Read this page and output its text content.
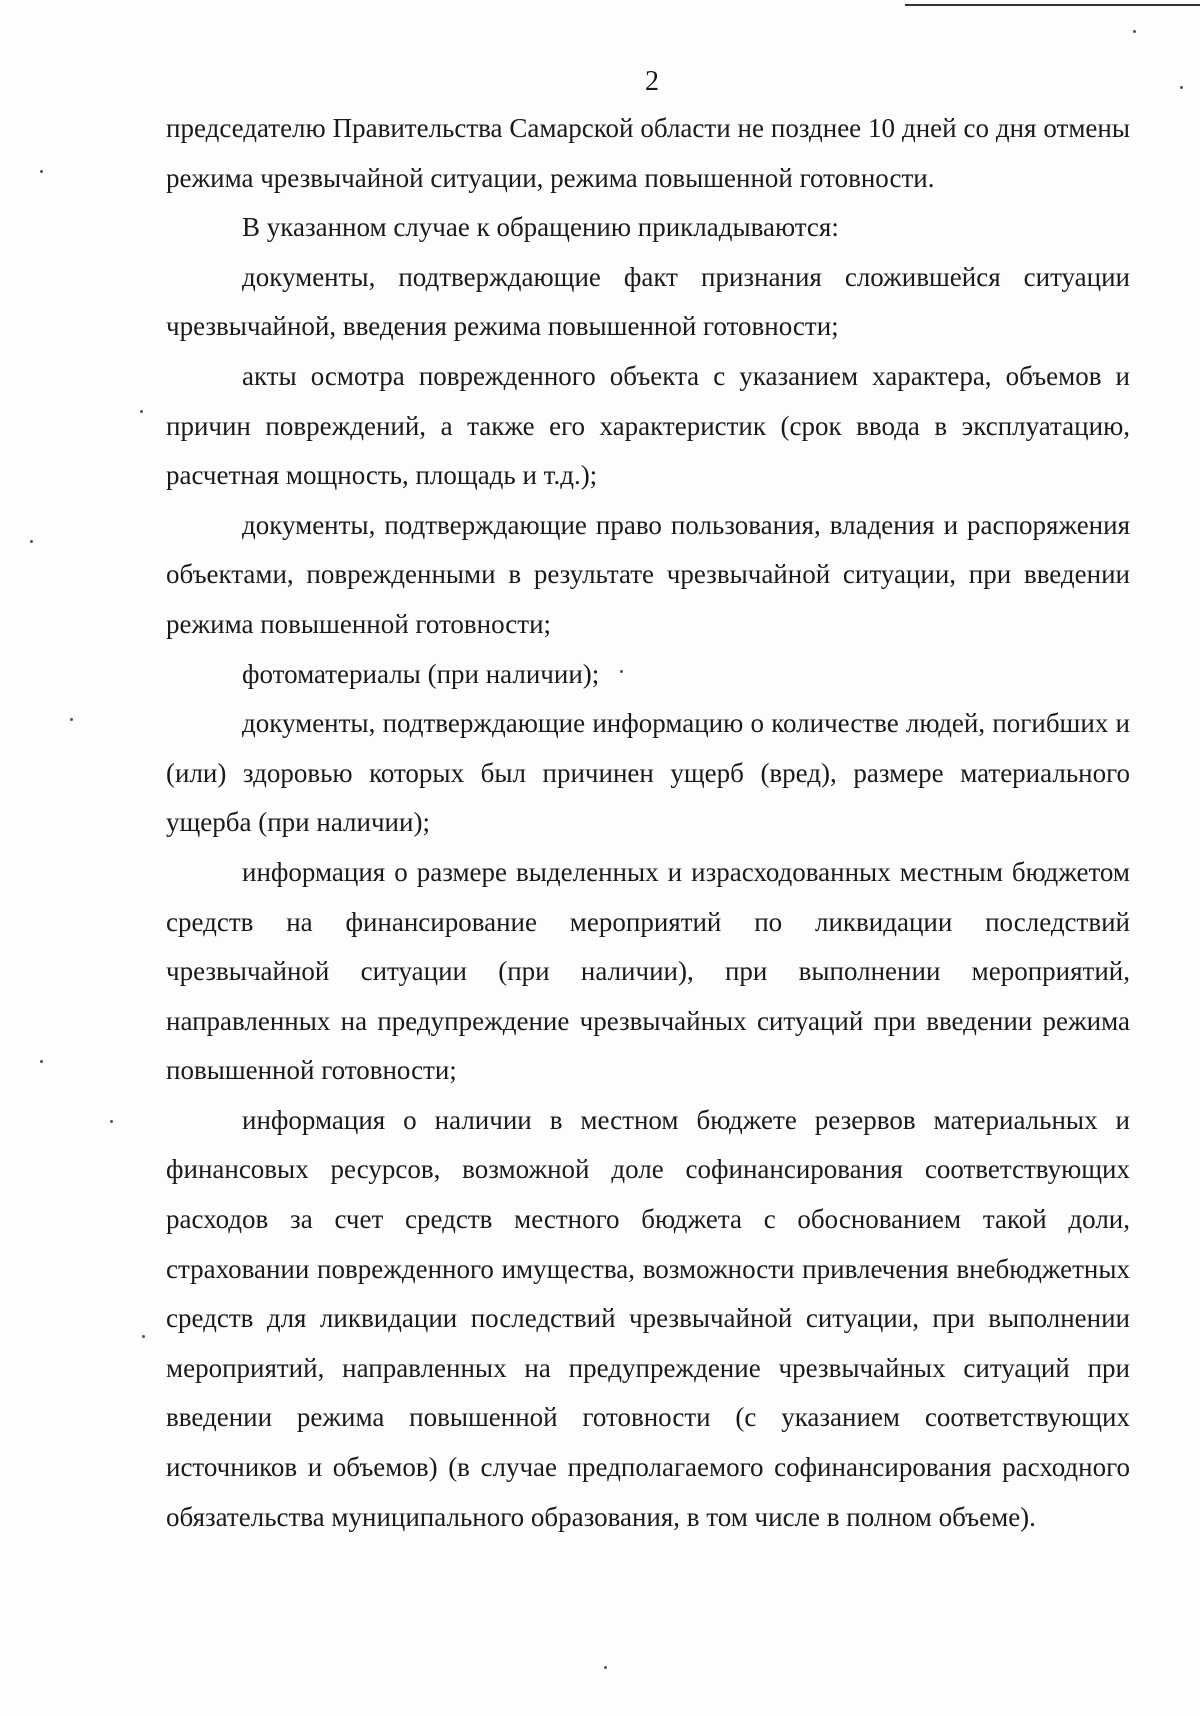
2

председателю Правительства Самарской области не позднее 10 дней со дня отмены режима чрезвычайной ситуации, режима повышенной готовности.

В указанном случае к обращению прикладываются:

документы, подтверждающие факт признания сложившейся ситуации чрезвычайной, введения режима повышенной готовности;

акты осмотра поврежденного объекта с указанием характера, объемов и причин повреждений, а также его характеристик (срок ввода в эксплуатацию, расчетная мощность, площадь и т.д.);

документы, подтверждающие право пользования, владения и распоряжения объектами, поврежденными в результате чрезвычайной ситуации, при введении режима повышенной готовности;

фотоматериалы (при наличии);

документы, подтверждающие информацию о количестве людей, погибших и (или) здоровью которых был причинен ущерб (вред), размере материального ущерба (при наличии);

информация о размере выделенных и израсходованных местным бюджетом средств на финансирование мероприятий по ликвидации последствий чрезвычайной ситуации (при наличии), при выполнении мероприятий, направленных на предупреждение чрезвычайных ситуаций при введении режима повышенной готовности;

информация о наличии в местном бюджете резервов материальных и финансовых ресурсов, возможной доле софинансирования соответствующих расходов за счет средств местного бюджета с обоснованием такой доли, страховании поврежденного имущества, возможности привлечения внебюджетных средств для ликвидации последствий чрезвычайной ситуации, при выполнении мероприятий, направленных на предупреждение чрезвычайных ситуаций при введении режима повышенной готовности (с указанием соответствующих источников и объемов) (в случае предполагаемого софинансирования расходного обязательства муниципального образования, в том числе в полном объеме).
